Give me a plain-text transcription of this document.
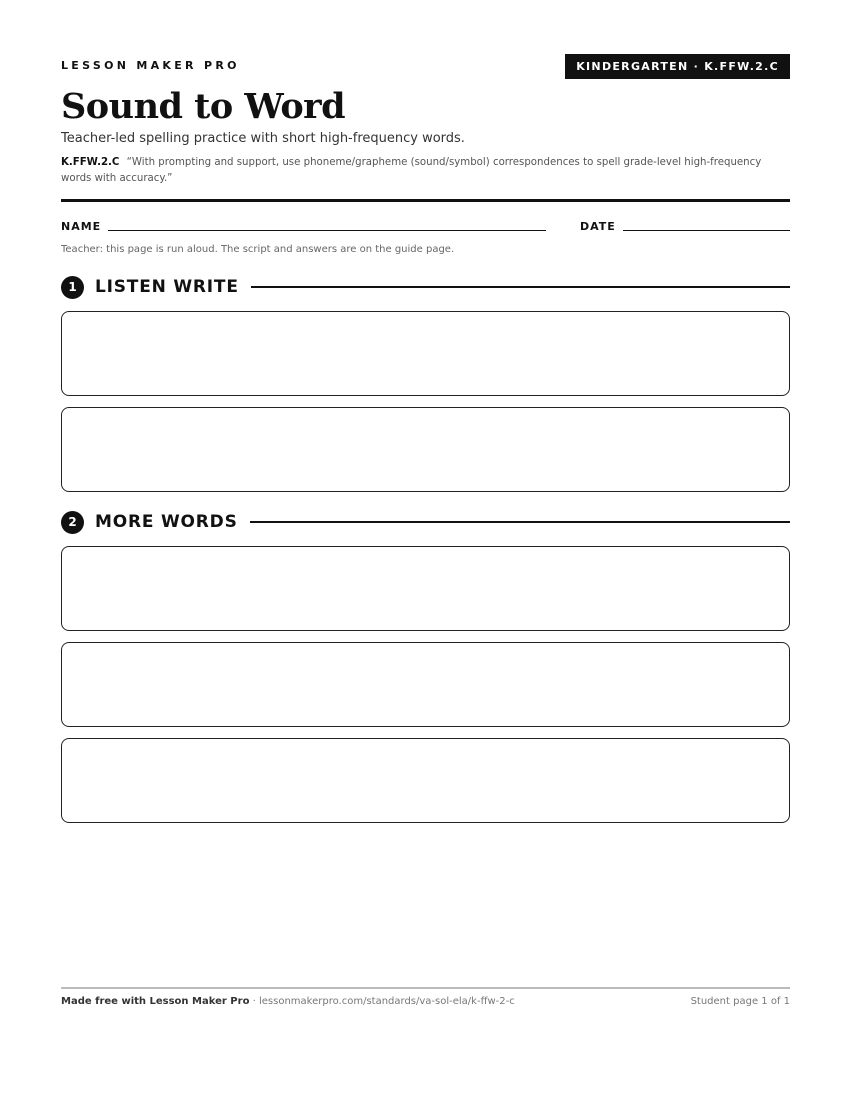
LESSON MAKER PRO	KINDERGARTEN · K.FFW.2.C
Sound to Word
Teacher-led spelling practice with short high-frequency words.
K.FFW.2.C “With prompting and support, use phoneme/grapheme (sound/symbol) correspondences to spell grade-level high-frequency words with accuracy.”
NAME	DATE
Teacher: this page is run aloud. The script and answers are on the guide page.
1	LISTEN WRITE
2	MORE WORDS
Made free with Lesson Maker Pro · lessonmakerpro.com/standards/va-sol-ela/k-ffw-2-c	Student page 1 of 1
